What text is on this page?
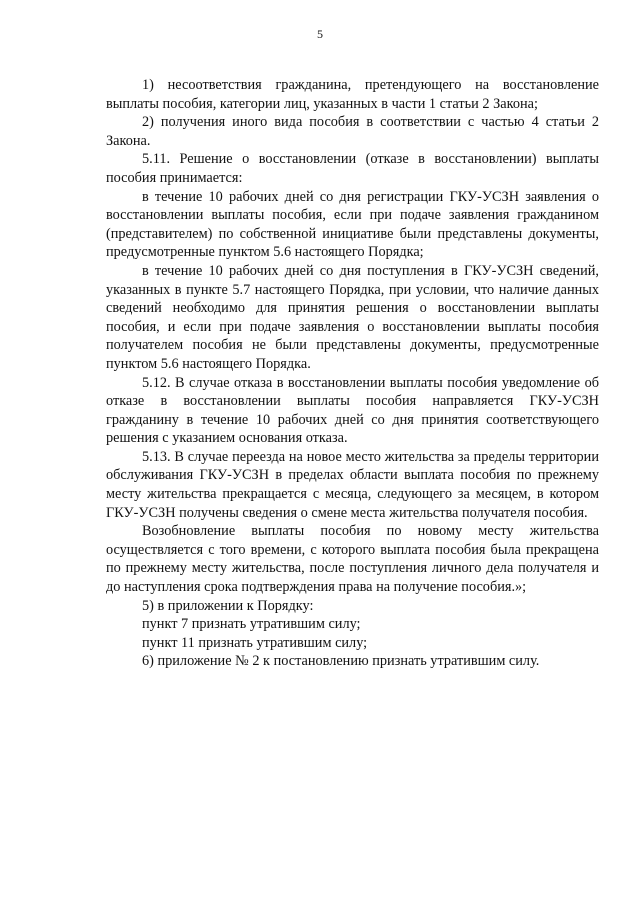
5

1) несоответствия гражданина, претендующего на восстановление выплаты пособия, категории лиц, указанных в части 1 статьи 2 Закона;

2) получения иного вида пособия в соответствии с частью 4 статьи 2 Закона.

5.11. Решение о восстановлении (отказе в восстановлении) выплаты пособия принимается:

в течение 10 рабочих дней со дня регистрации ГКУ-УСЗН заявления о восстановлении выплаты пособия, если при подаче заявления гражданином (представителем) по собственной инициативе были представлены документы, предусмотренные пунктом 5.6 настоящего Порядка;

в течение 10 рабочих дней со дня поступления в ГКУ-УСЗН сведений, указанных в пункте 5.7 настоящего Порядка, при условии, что наличие данных сведений необходимо для принятия решения о восстановлении выплаты пособия, и если при подаче заявления о восстановлении выплаты пособия получателем пособия не были представлены документы, предусмотренные пунктом 5.6 настоящего Порядка.

5.12. В случае отказа в восстановлении выплаты пособия уведомление об отказе в восстановлении выплаты пособия направляется ГКУ-УСЗН гражданину в течение 10 рабочих дней со дня принятия соответствующего решения с указанием основания отказа.

5.13. В случае переезда на новое место жительства за пределы территории обслуживания ГКУ-УСЗН в пределах области выплата пособия по прежнему месту жительства прекращается с месяца, следующего за месяцем, в котором ГКУ-УСЗН получены сведения о смене места жительства получателя пособия.

Возобновление выплаты пособия по новому месту жительства осуществляется с того времени, с которого выплата пособия была прекращена по прежнему месту жительства, после поступления личного дела получателя и до наступления срока подтверждения права на получение пособия.»;

5) в приложении к Порядку:

пункт 7 признать утратившим силу;

пункт 11 признать утратившим силу;

6) приложение № 2 к постановлению признать утратившим силу.
